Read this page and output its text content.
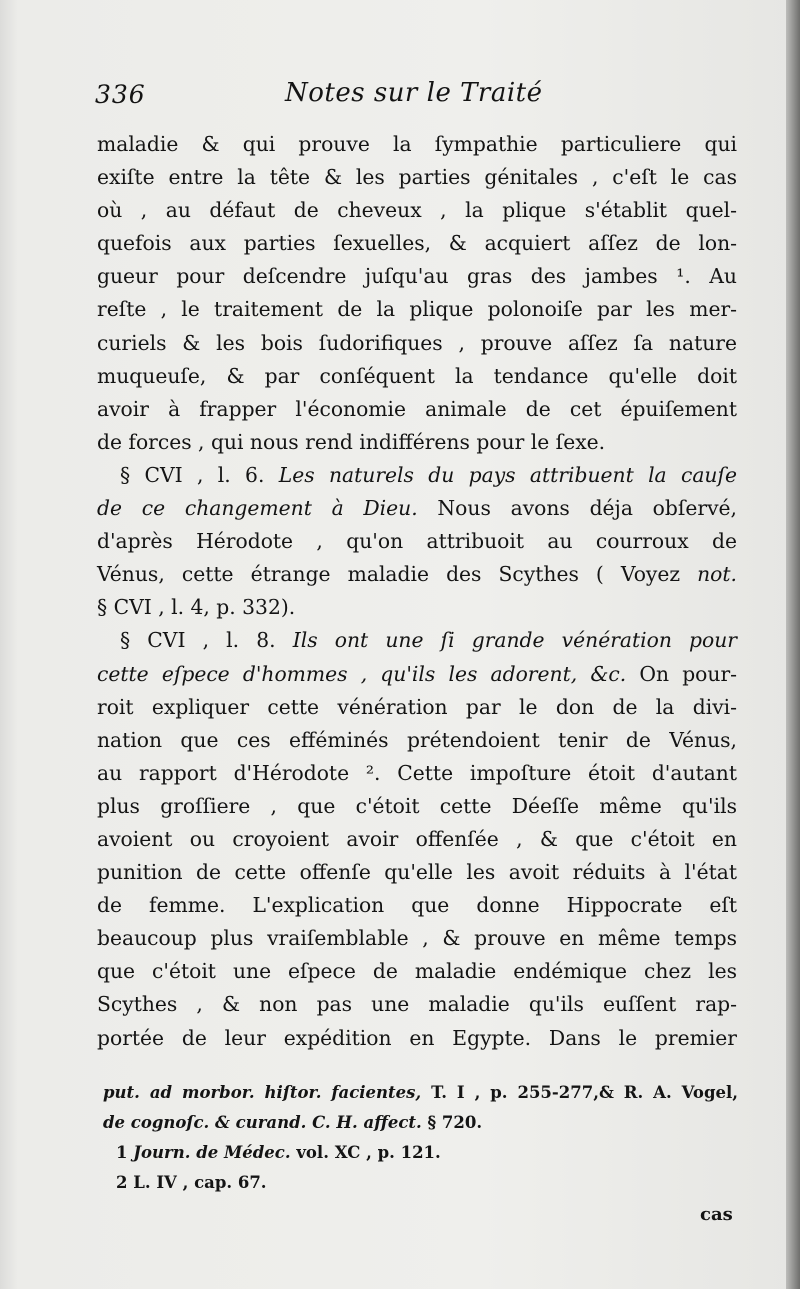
336	Notes sur le Traité
maladie & qui prouve la ſympathie particuliere qui
exiſte entre la tête & les parties génitales , c'eſt le cas
où , au défaut de cheveux , la plique s'établit quel-
quefois aux parties ſexuelles, & acquiert aſſez de lon-
gueur pour deſcendre juſqu'au gras des jambes ¹. Au
reſte , le traitement de la plique polonoiſe par les mer-
curiels & les bois ſudorifiques , prouve aſſez ſa nature
muqueuſe, & par conſéquent la tendance qu'elle doit
avoir à frapper l'économie animale de cet épuiſement
de forces , qui nous rend indifférens pour le ſexe.
§ CVI , l. 6. Les naturels du pays attribuent la cauſe
de ce changement à Dieu. Nous avons déja obſervé,
d'après Hérodote , qu'on attribuoit au courroux de
Vénus, cette étrange maladie des Scythes ( Voyez not.
§ CVI , l. 4, p. 332).
§ CVI , l. 8. Ils ont une ſi grande vénération pour
cette eſpece d'hommes , qu'ils les adorent, &c. On pour-
roit expliquer cette vénération par le don de la divi-
nation que ces efféminés prétendoient tenir de Vénus,
au rapport d'Hérodote ². Cette impoſture étoit d'autant
plus groſſiere , que c'étoit cette Déeſſe même qu'ils
avoient ou croyoient avoir offenſée , & que c'étoit en
punition de cette offenſe qu'elle les avoit réduits à l'état
de femme. L'explication que donne Hippocrate eſt
beaucoup plus vraiſemblable , & prouve en même temps
que c'étoit une eſpece de maladie endémique chez les
Scythes , & non pas une maladie qu'ils euſſent rap-
portée de leur expédition en Egypte. Dans le premier
put. ad morbor. hiſtor. facientes, T. I , p. 255-277,& R. A. Vogel,
de cognoſc. & curand. C. H. affect. § 720.
1 Journ. de Médec. vol. XC , p. 121.
2 L. IV , cap. 67.
cas
